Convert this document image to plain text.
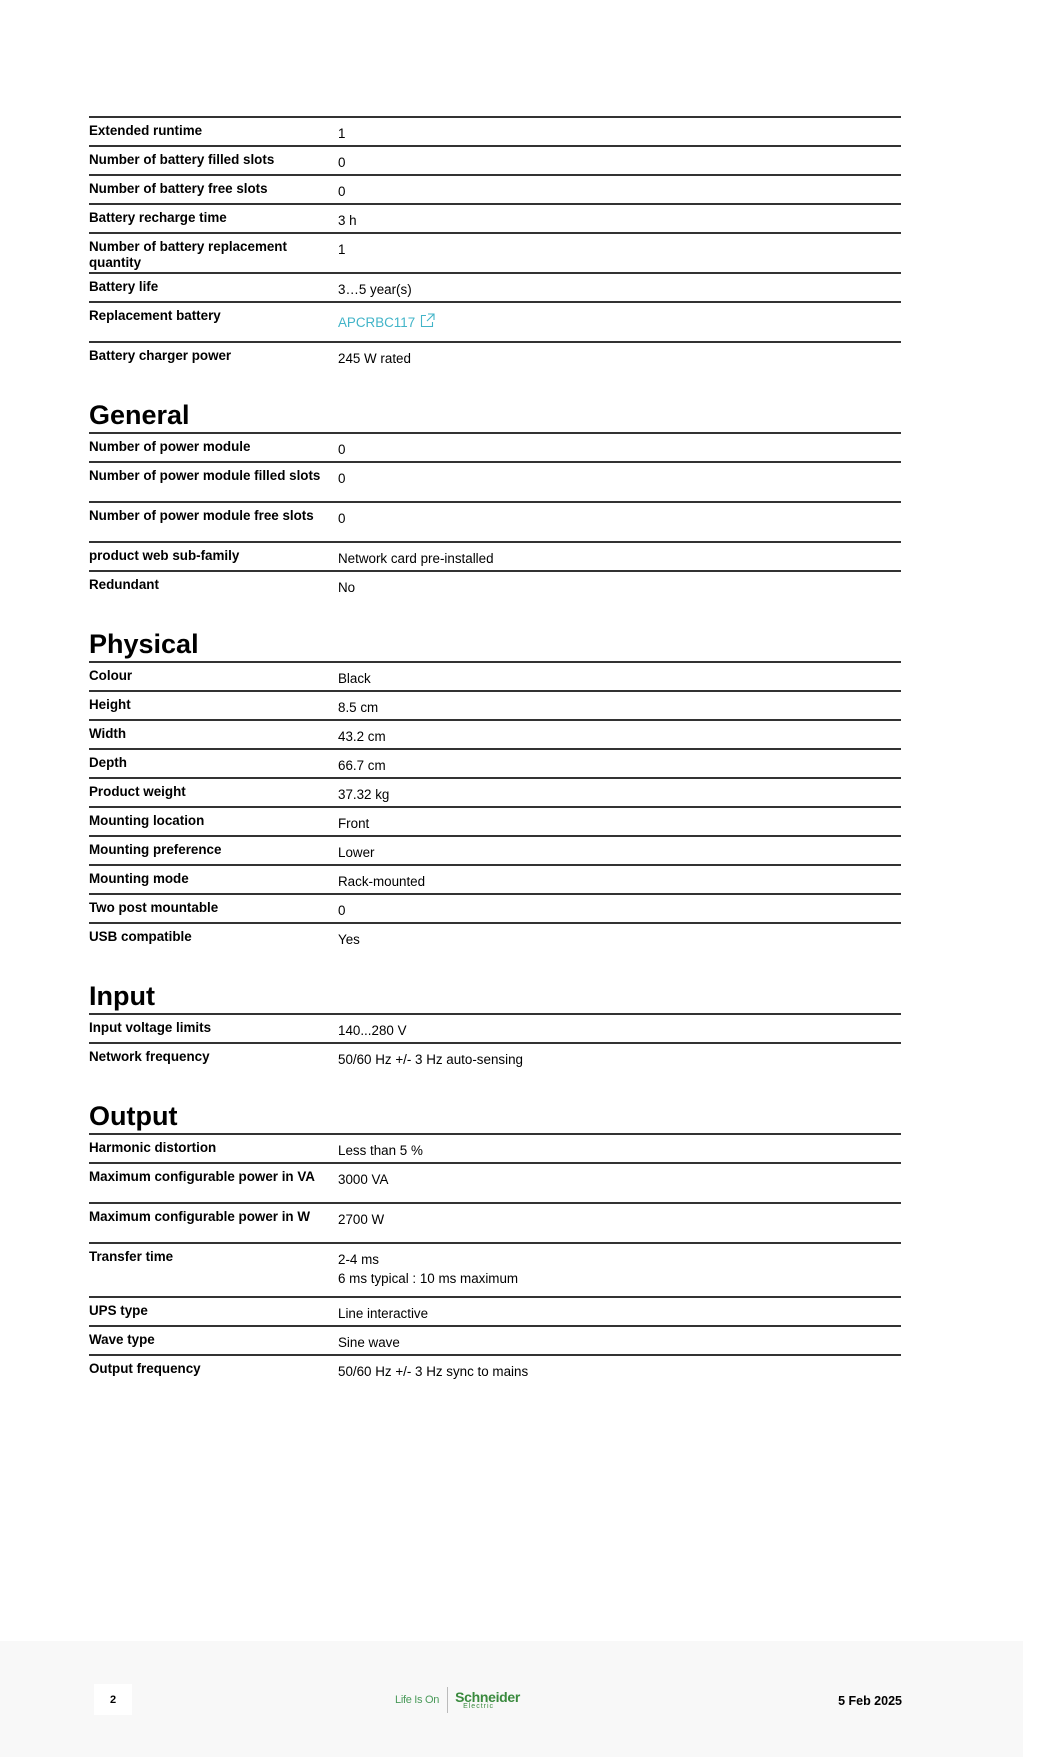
Extended runtime	1
Number of battery filled slots	0
Number of battery free slots	0
Battery recharge time	3 h
Number of battery replacement quantity	1
Battery life	3…5 year(s)
Replacement battery	APCRBC117
Battery charger power	245 W rated
General
Number of power module	0
Number of power module filled slots	0
Number of power module free slots	0
product web sub-family	Network card pre-installed
Redundant	No
Physical
Colour	Black
Height	8.5 cm
Width	43.2 cm
Depth	66.7 cm
Product weight	37.32 kg
Mounting location	Front
Mounting preference	Lower
Mounting mode	Rack-mounted
Two post mountable	0
USB compatible	Yes
Input
Input voltage limits	140...280 V
Network frequency	50/60 Hz +/- 3 Hz auto-sensing
Output
Harmonic distortion	Less than 5 %
Maximum configurable power in VA	3000 VA
Maximum configurable power in W	2700 W
Transfer time	2-4 ms
6 ms typical : 10 ms maximum

UPS type	Line interactive
Wave type	Sine wave
Output frequency	50/60 Hz +/- 3 Hz sync to mains
2	Life Is On Schneider
Electric	5 Feb 2025
